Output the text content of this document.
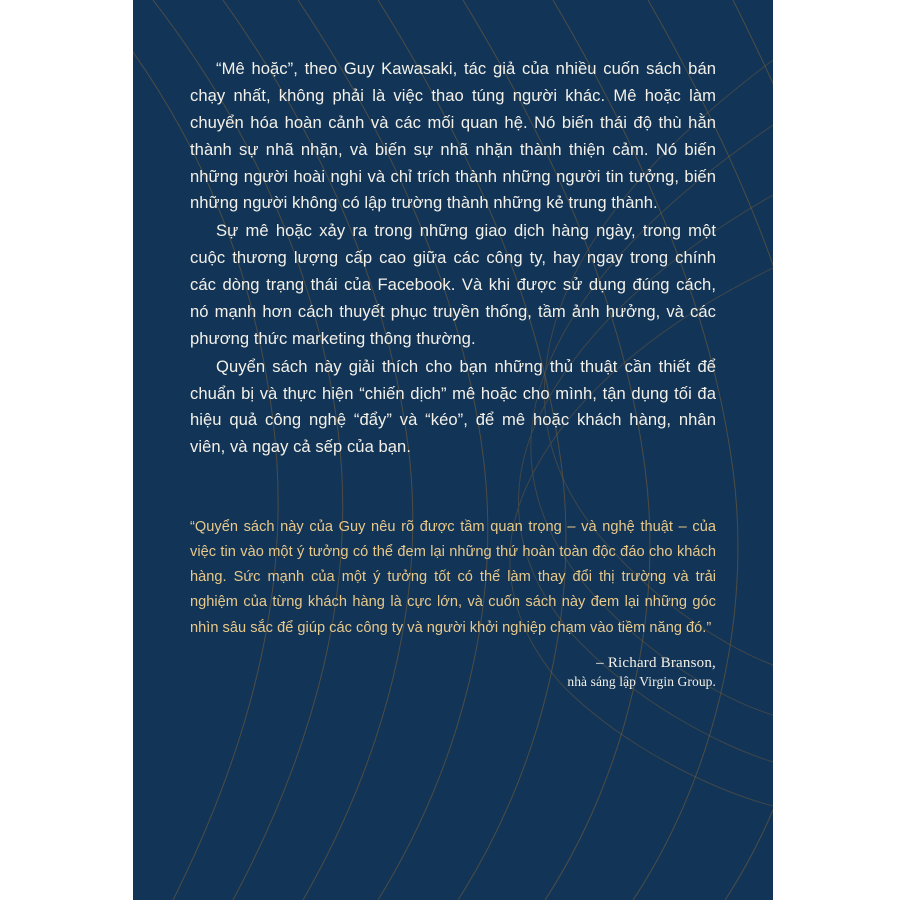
“Mê hoặc”, theo Guy Kawasaki, tác giả của nhiều cuốn sách bán chạy nhất, không phải là việc thao túng người khác. Mê hoặc làm chuyển hóa hoàn cảnh và các mối quan hệ. Nó biến thái độ thù hằn thành sự nhã nhặn, và biến sự nhã nhặn thành thiện cảm. Nó biến những người hoài nghi và chỉ trích thành những người tin tưởng, biến những người không có lập trường thành những kẻ trung thành.

Sự mê hoặc xảy ra trong những giao dịch hàng ngày, trong một cuộc thương lượng cấp cao giữa các công ty, hay ngay trong chính các dòng trạng thái của Facebook. Và khi được sử dụng đúng cách, nó mạnh hơn cách thuyết phục truyền thống, tầm ảnh hưởng, và các phương thức marketing thông thường.

Quyển sách này giải thích cho bạn những thủ thuật cần thiết để chuẩn bị và thực hiện “chiến dịch” mê hoặc cho mình, tận dụng tối đa hiệu quả công nghệ “đẩy” và “kéo”, để mê hoặc khách hàng, nhân viên, và ngay cả sếp của bạn.

“Quyển sách này của Guy nêu rõ được tầm quan trọng – và nghệ thuật – của việc tin vào một ý tưởng có thể đem lại những thứ hoàn toàn độc đáo cho khách hàng. Sức mạnh của một ý tưởng tốt có thể làm thay đổi thị trường và trải nghiệm của từng khách hàng là cực lớn, và cuốn sách này đem lại những góc nhìn sâu sắc để giúp các công ty và người khởi nghiệp chạm vào tiềm năng đó.”

– Richard Branson,
nhà sáng lập Virgin Group.
